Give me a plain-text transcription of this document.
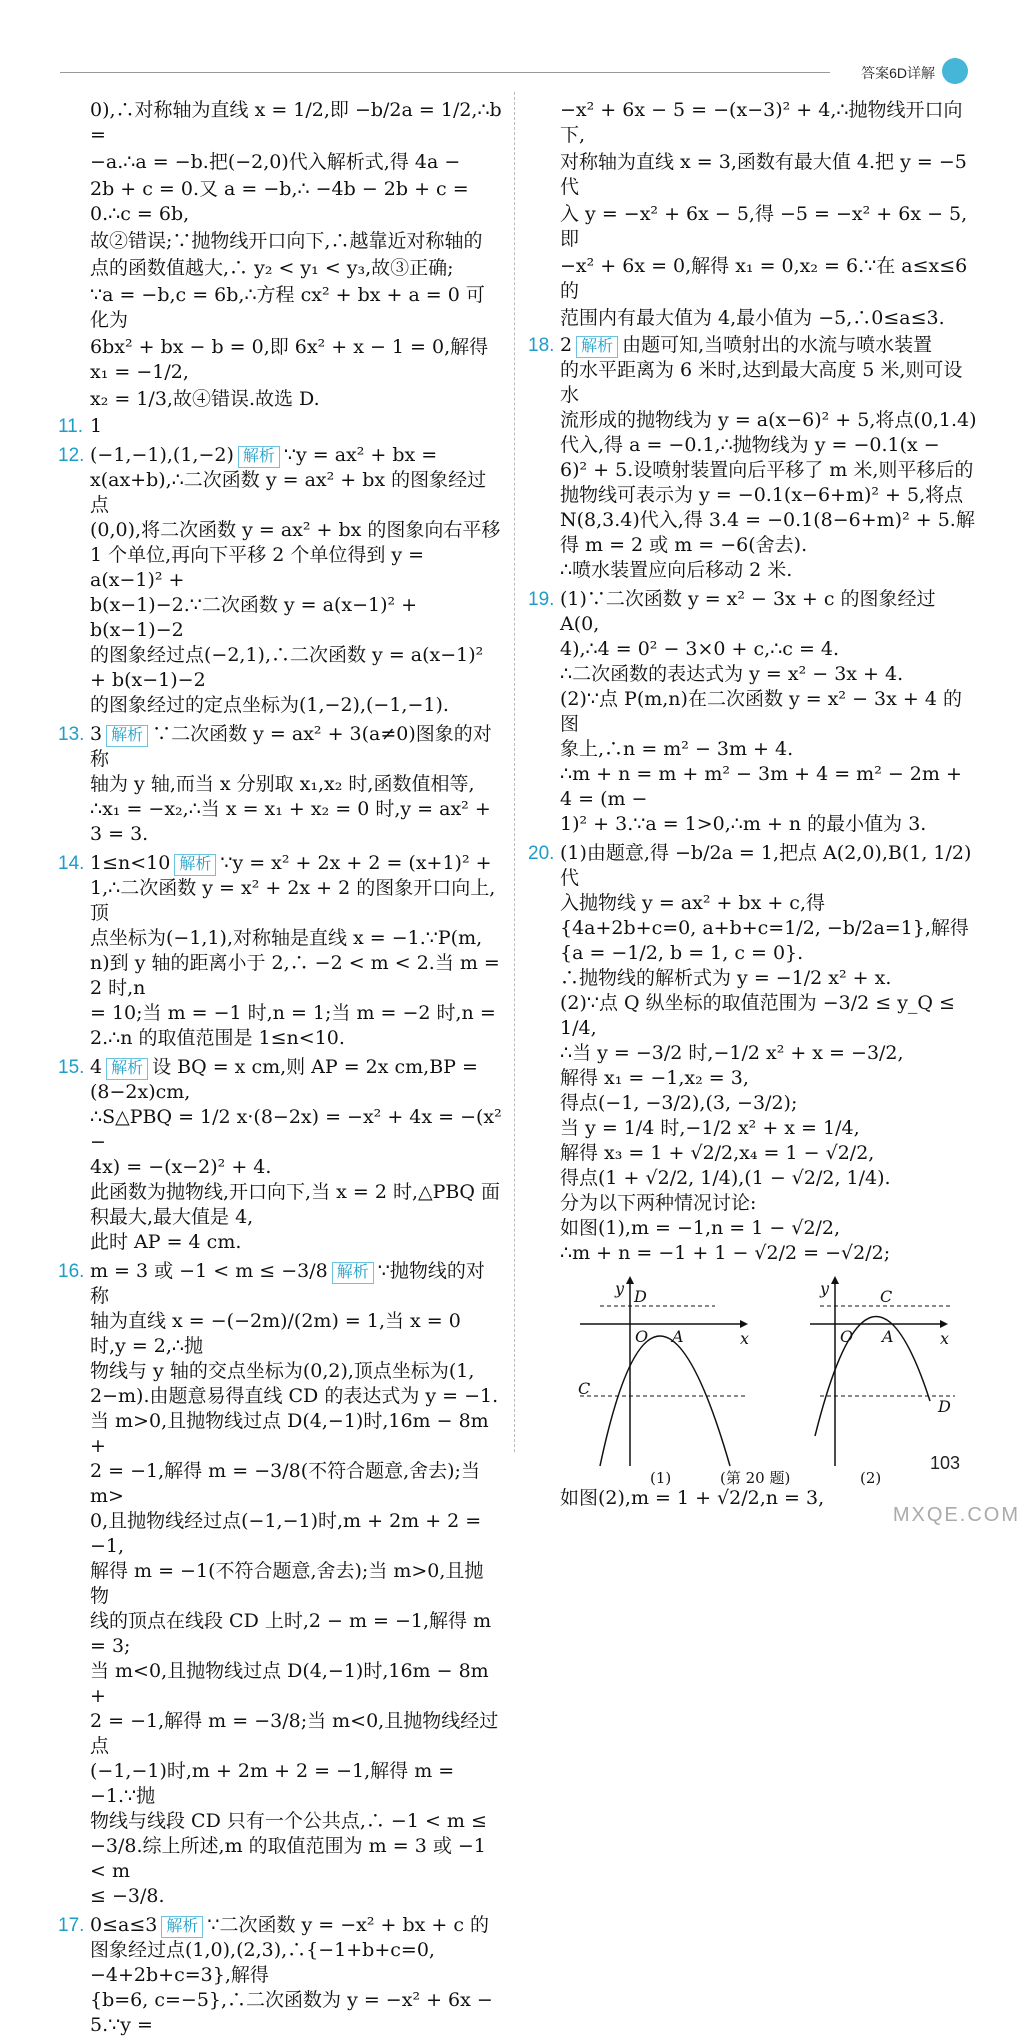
答案6D详解

0),∴对称轴为直线 x = 1/2,即 −b/2a = 1/2,∴b =

−a.∴a = −b.把(−2,0)代入解析式,得 4a −

2b + c = 0.又 a = −b,∴ −4b − 2b + c = 0.∴c = 6b,

故②错误;∵抛物线开口向下,∴越靠近对称轴的

点的函数值越大,∴ y₂ < y₁ < y₃,故③正确;

∵a = −b,c = 6b,∴方程 cx² + bx + a = 0 可化为

6bx² + bx − b = 0,即 6x² + x − 1 = 0,解得 x₁ = −1/2,

x₂ = 1/3,故④错误.故选 D.

11. 1
12. (−1,−1),(1,−2) 解析 ∵y = ax² + bx =
x(ax+b),∴二次函数 y = ax² + bx 的图象经过点
(0,0),将二次函数 y = ax² + bx 的图象向右平移
1 个单位,再向下平移 2 个单位得到 y = a(x−1)² +
b(x−1)−2.∵二次函数 y = a(x−1)² + b(x−1)−2
的图象经过点(−2,1),∴二次函数 y = a(x−1)² + b(x−1)−2
的图象经过的定点坐标为(1,−2),(−1,−1).
13. 3 解析 ∵二次函数 y = ax² + 3(a≠0)图象的对称
轴为 y 轴,而当 x 分别取 x₁,x₂ 时,函数值相等,
∴x₁ = −x₂,∴当 x = x₁ + x₂ = 0 时,y = ax² + 3 = 3.
14. 1≤n<10 解析 ∵y = x² + 2x + 2 = (x+1)² +
1,∴二次函数 y = x² + 2x + 2 的图象开口向上,顶
点坐标为(−1,1),对称轴是直线 x = −1.∵P(m,
n)到 y 轴的距离小于 2,∴ −2 < m < 2.当 m = 2 时,n
= 10;当 m = −1 时,n = 1;当 m = −2 时,n =
2.∴n 的取值范围是 1≤n<10.
15. 4 解析 设 BQ = x cm,则 AP = 2x cm,BP =
(8−2x)cm,
∴S△PBQ = 1/2 x·(8−2x) = −x² + 4x = −(x² −
4x) = −(x−2)² + 4.
此函数为抛物线,开口向下,当 x = 2 时,△PBQ 面
积最大,最大值是 4,
此时 AP = 4 cm.
16. m = 3 或 −1 < m ≤ −3/8 解析 ∵抛物线的对称
轴为直线 x = −(−2m)/(2m) = 1,当 x = 0 时,y = 2,∴抛
物线与 y 轴的交点坐标为(0,2),顶点坐标为(1,
2−m).由题意易得直线 CD 的表达式为 y = −1.
当 m>0,且抛物线过点 D(4,−1)时,16m − 8m +
2 = −1,解得 m = −3/8(不符合题意,舍去);当 m>
0,且抛物线经过点(−1,−1)时,m + 2m + 2 = −1,
解得 m = −1(不符合题意,舍去);当 m>0,且抛物
线的顶点在线段 CD 上时,2 − m = −1,解得 m = 3;
当 m<0,且抛物线过点 D(4,−1)时,16m − 8m +
2 = −1,解得 m = −3/8;当 m<0,且抛物线经过点
(−1,−1)时,m + 2m + 2 = −1,解得 m = −1.∵抛
物线与线段 CD 只有一个公共点,∴ −1 < m ≤
−3/8.综上所述,m 的取值范围为 m = 3 或 −1 < m
≤ −3/8.
17. 0≤a≤3 解析 ∵二次函数 y = −x² + bx + c 的
图象经过点(1,0),(2,3),∴{−1+b+c=0, −4+2b+c=3},解得
{b=6, c=−5},∴二次函数为 y = −x² + 6x − 5.∵y =

−x² + 6x − 5 = −(x−3)² + 4,∴抛物线开口向下,

对称轴为直线 x = 3,函数有最大值 4.把 y = −5 代

入 y = −x² + 6x − 5,得 −5 = −x² + 6x − 5,即

−x² + 6x = 0,解得 x₁ = 0,x₂ = 6.∵在 a≤x≤6 的

范围内有最大值为 4,最小值为 −5,∴0≤a≤3.

18. 2 解析 由题可知,当喷射出的水流与喷水装置
的水平距离为 6 米时,达到最大高度 5 米,则可设水
流形成的抛物线为 y = a(x−6)² + 5,将点(0,1.4)
代入,得 a = −0.1,∴抛物线为 y = −0.1(x −
6)² + 5.设喷射装置向后平移了 m 米,则平移后的
抛物线可表示为 y = −0.1(x−6+m)² + 5,将点
N(8,3.4)代入,得 3.4 = −0.1(8−6+m)² + 5.解
得 m = 2 或 m = −6(舍去).
∴喷水装置应向后移动 2 米.
19. (1)∵二次函数 y = x² − 3x + c 的图象经过 A(0,
4),∴4 = 0² − 3×0 + c,∴c = 4.
∴二次函数的表达式为 y = x² − 3x + 4.
(2)∵点 P(m,n)在二次函数 y = x² − 3x + 4 的图
象上,∴n = m² − 3m + 4.
∴m + n = m + m² − 3m + 4 = m² − 2m + 4 = (m −
1)² + 3.∵a = 1>0,∴m + n 的最小值为 3.
20. (1)由题意,得 −b/2a = 1,把点 A(2,0),B(1, 1/2)代
入抛物线 y = ax² + bx + c,得
{4a+2b+c=0, a+b+c=1/2, −b/2a=1},解得 {a = −1/2, b = 1, c = 0}.
∴抛物线的解析式为 y = −1/2 x² + x.
(2)∵点 Q 纵坐标的取值范围为 −3/2 ≤ y_Q ≤ 1/4,
∴当 y = −3/2 时,−1/2 x² + x = −3/2,
解得 x₁ = −1,x₂ = 3,
得点(−1, −3/2),(3, −3/2);
当 y = 1/4 时,−1/2 x² + x = 1/4,
解得 x₃ = 1 + √2/2,x₄ = 1 − √2/2,
得点(1 + √2/2, 1/4),(1 − √2/2, 1/4).
分为以下两种情况讨论:
如图(1),m = −1,n = 1 − √2/2,
∴m + n = −1 + 1 − √2/2 = −√2/2;
y
x
O A
D
C
y
x
O A
C
D
(1)	(第 20 题)	(2)

如图(2),m = 1 + √2/2,n = 3,

103
MXQE.COM
